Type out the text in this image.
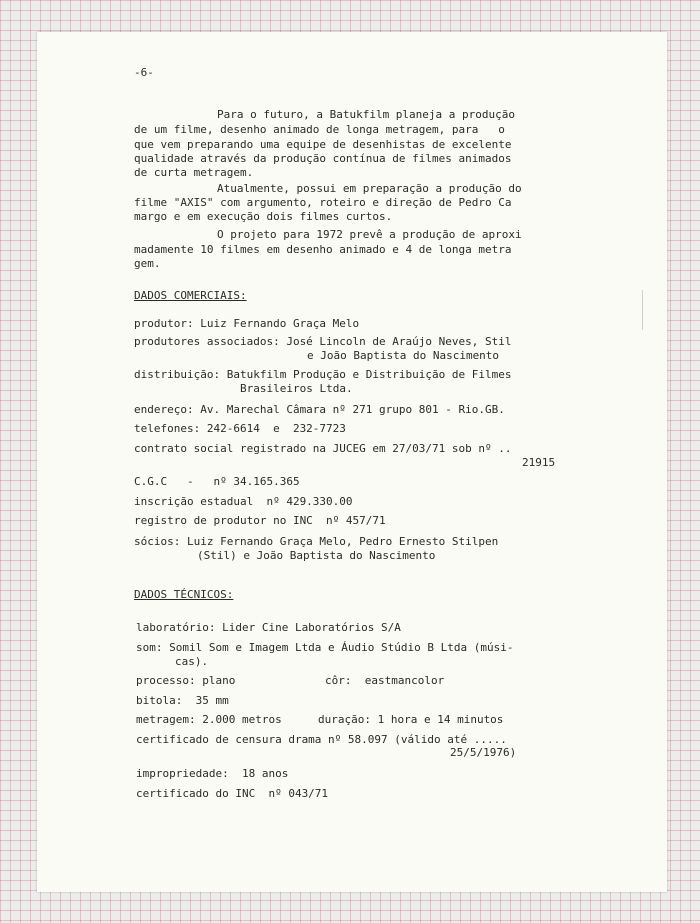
-6-
Para o futuro, a Batukfilm planeja a produção
de um filme, desenho animado de longa metragem, para   o
que vem preparando uma equipe de desenhistas de excelente
qualidade através da produção contínua de filmes animados
de curta metragem.
Atualmente, possui em preparação a produção do
filme "AXIS" com argumento, roteiro e direção de Pedro Ca
margo e em execução dois filmes curtos.
O projeto para 1972 prevê a produção de aproxi
madamente 10 filmes em desenho animado e 4 de longa metra
gem.
DADOS COMERCIAIS:
produtor: Luiz Fernando Graça Melo
produtores associados: José Lincoln de Araújo Neves, Stil
e João Baptista do Nascimento
distribuição: Batukfilm Produção e Distribuição de Filmes
Brasileiros Ltda.
endereço: Av. Marechal Câmara nº 271 grupo 801 - Rio.GB.
telefones: 242-6614  e  232-7723
contrato social registrado na JUCEG em 27/03/71 sob nº ..
21915
C.G.C   -   nº 34.165.365
inscrição estadual  nº 429.330.00
registro de produtor no INC  nº 457/71
sócios: Luiz Fernando Graça Melo, Pedro Ernesto Stilpen
(Stil) e João Baptista do Nascimento
DADOS TÉCNICOS:
laboratório: Lider Cine Laboratórios S/A
som: Somil Som e Imagem Ltda e Áudio Stúdio B Ltda (músi-
cas).
processo: plano	côr:  eastmancolor
bitola:  35 mm
metragem: 2.000 metros	duração: 1 hora e 14 minutos
certificado de censura drama nº 58.097 (válido até .....
25/5/1976)
impropriedade:  18 anos
certificado do INC  nº 043/71
